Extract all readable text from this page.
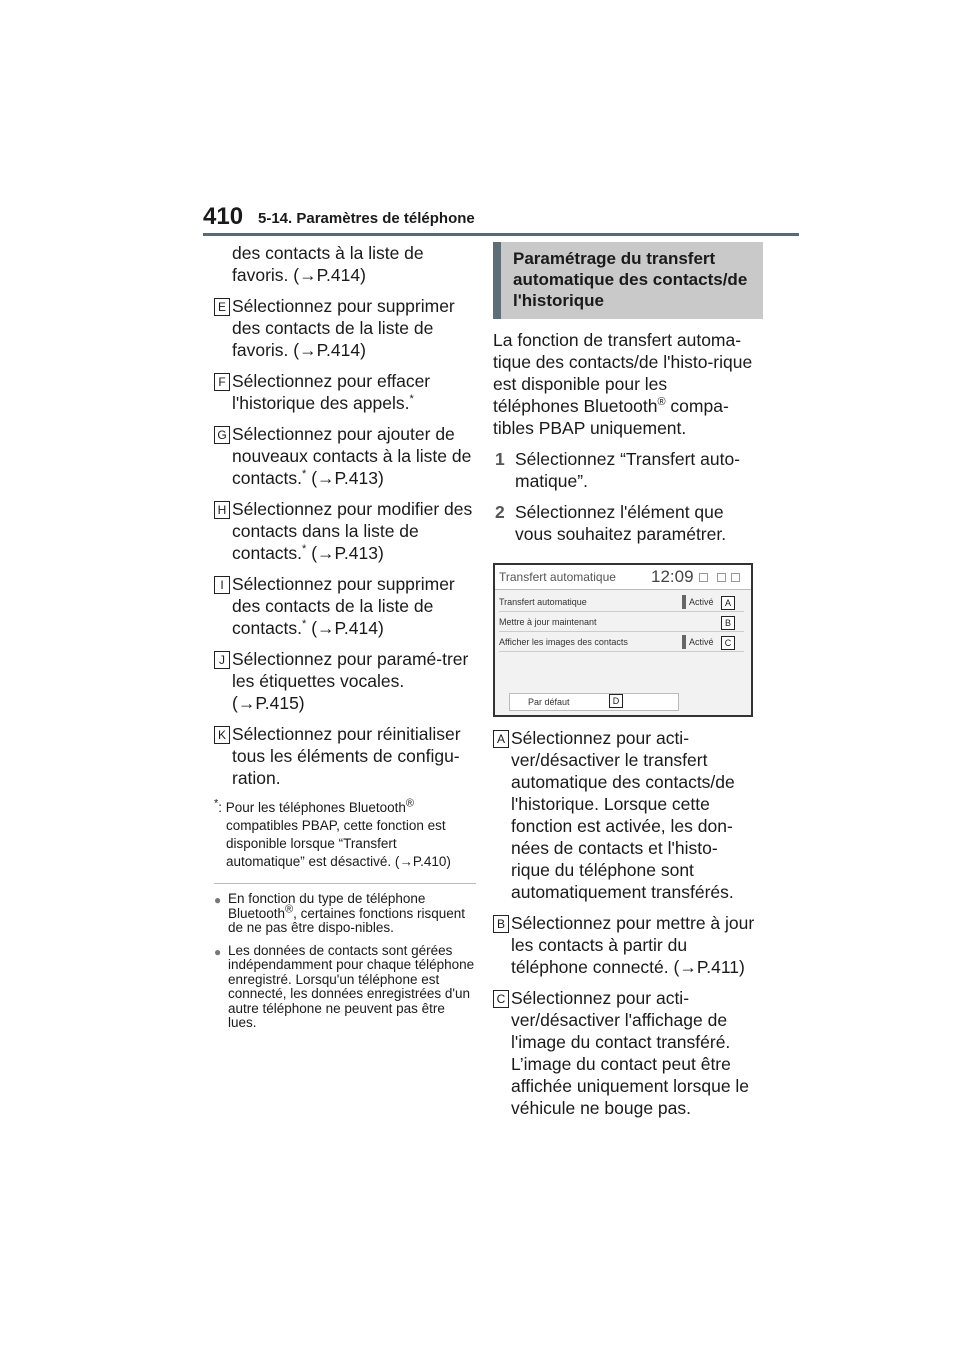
410 5-14. Paramètres de téléphone
des contacts à la liste de favoris. (→P.414)
E Sélectionnez pour supprimer des contacts de la liste de favoris. (→P.414)
F Sélectionnez pour effacer l'historique des appels.*
G Sélectionnez pour ajouter de nouveaux contacts à la liste de contacts.* (→P.413)
H Sélectionnez pour modifier des contacts dans la liste de contacts.* (→P.413)
I Sélectionnez pour supprimer des contacts de la liste de contacts.* (→P.414)
J Sélectionnez pour paramé-trer les étiquettes vocales. (→P.415)
K Sélectionnez pour réinitialiser tous les éléments de configu-ration.
*: Pour les téléphones Bluetooth®
compatibles PBAP, cette fonction est disponible lorsque “Transfert automatique” est désactivé. (→P.410)
● En fonction du type de téléphone Bluetooth®, certaines fonctions risquent de ne pas être dispo-nibles.
● Les données de contacts sont gérées indépendamment pour chaque téléphone enregistré. Lorsqu'un téléphone est connecté, les données enregistrées d'un autre téléphone ne peuvent pas être lues.
Paramétrage du transfert automatique des contacts/de l'historique
La fonction de transfert automa-tique des contacts/de l'histo-rique est disponible pour les téléphones Bluetooth® compa-tibles PBAP uniquement.
1 Sélectionnez “Transfert auto-matique”.
2 Sélectionnez l'élément que vous souhaitez paramétrer.
Transfert automatique 12:09
Transfert automatique	Activé	A
Mettre à jour maintenant	B
Afficher les images des contacts	Activé	C
Par défaut	D
A Sélectionnez pour acti-ver/désactiver le transfert automatique des contacts/de l'historique. Lorsque cette fonction est activée, les don-nées de contacts et l'histo-rique du téléphone sont automatiquement transférés.
B Sélectionnez pour mettre à jour les contacts à partir du téléphone connecté. (→P.411)
C Sélectionnez pour acti-ver/désactiver l'affichage de l'image du contact transféré. L’image du contact peut être affichée uniquement lorsque le véhicule ne bouge pas.
